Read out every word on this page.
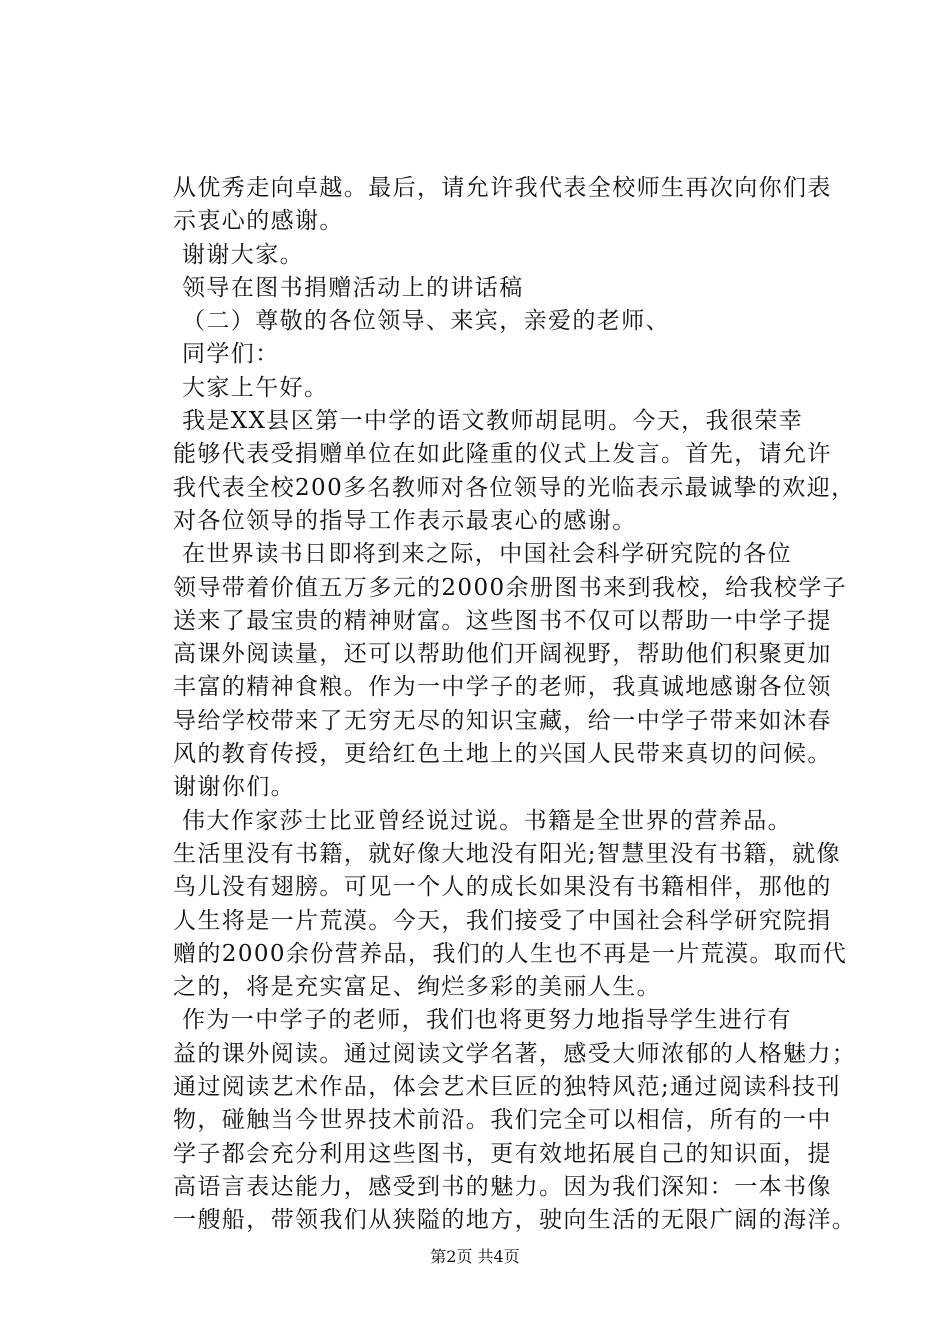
从优秀走向卓越。最后，请允许我代表全校师生再次向你们表
示衷心的感谢。
谢谢大家。
领导在图书捐赠活动上的讲话稿
（二）尊敬的各位领导、来宾，亲爱的老师、
同学们：
大家上午好。
我是XX县区第一中学的语文教师胡昆明。今天，我很荣幸
能够代表受捐赠单位在如此隆重的仪式上发言。首先，请允许
我代表全校200多名教师对各位领导的光临表示最诚挚的欢迎，
对各位领导的指导工作表示最衷心的感谢。
在世界读书日即将到来之际，中国社会科学研究院的各位
领导带着价值五万多元的2000余册图书来到我校，给我校学子
送来了最宝贵的精神财富。这些图书不仅可以帮助一中学子提
高课外阅读量，还可以帮助他们开阔视野，帮助他们积聚更加
丰富的精神食粮。作为一中学子的老师，我真诚地感谢各位领
导给学校带来了无穷无尽的知识宝藏，给一中学子带来如沐春
风的教育传授，更给红色土地上的兴国人民带来真切的问候。
谢谢你们。
伟大作家莎士比亚曾经说过说。书籍是全世界的营养品。
生活里没有书籍，就好像大地没有阳光;智慧里没有书籍，就像
鸟儿没有翅膀。可见一个人的成长如果没有书籍相伴，那他的
人生将是一片荒漠。今天，我们接受了中国社会科学研究院捐
赠的2000余份营养品，我们的人生也不再是一片荒漠。取而代
之的，将是充实富足、绚烂多彩的美丽人生。
作为一中学子的老师，我们也将更努力地指导学生进行有
益的课外阅读。通过阅读文学名著，感受大师浓郁的人格魅力；
通过阅读艺术作品，体会艺术巨匠的独特风范;通过阅读科技刊
物，碰触当今世界技术前沿。我们完全可以相信，所有的一中
学子都会充分利用这些图书，更有效地拓展自己的知识面，提
高语言表达能力，感受到书的魅力。因为我们深知：一本书像
一艘船，带领我们从狭隘的地方，驶向生活的无限广阔的海洋。
第2页 共4页
